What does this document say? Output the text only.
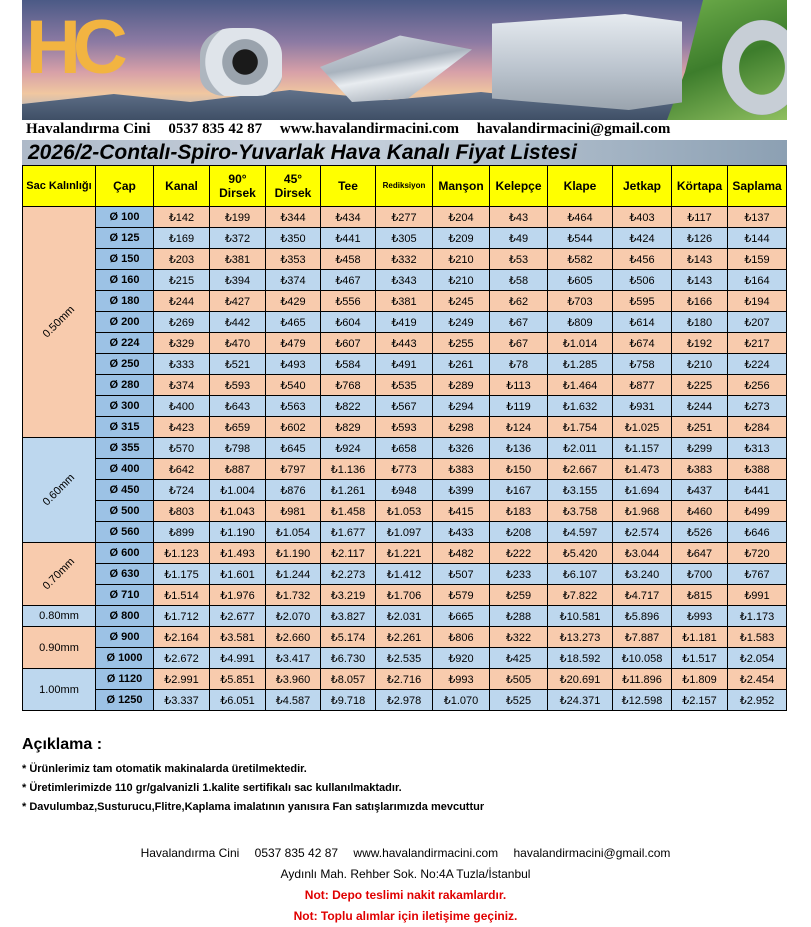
HC
Havalandırma Cini 0537 835 42 87 www.havalandirmacini.com havalandirmacini@gmail.com
2026/2-Contalı-Spiro-Yuvarlak Hava Kanalı Fiyat Listesi
Sac Kalınlığı	Çap	Kanal	90° Dirsek	45° Dirsek	Tee	Rediksiyon	Manşon	Kelepçe	Klape	Jetkap	Körtapa	Saplama
0.50mm	Ø 100	₺142	₺199	₺344	₺434	₺277	₺204	₺43	₺464	₺403	₺117	₺137
	Ø 125	₺169	₺372	₺350	₺441	₺305	₺209	₺49	₺544	₺424	₺126	₺144
	Ø 150	₺203	₺381	₺353	₺458	₺332	₺210	₺53	₺582	₺456	₺143	₺159
	Ø 160	₺215	₺394	₺374	₺467	₺343	₺210	₺58	₺605	₺506	₺143	₺164
	Ø 180	₺244	₺427	₺429	₺556	₺381	₺245	₺62	₺703	₺595	₺166	₺194
	Ø 200	₺269	₺442	₺465	₺604	₺419	₺249	₺67	₺809	₺614	₺180	₺207
	Ø 224	₺329	₺470	₺479	₺607	₺443	₺255	₺67	₺1.014	₺674	₺192	₺217
	Ø 250	₺333	₺521	₺493	₺584	₺491	₺261	₺78	₺1.285	₺758	₺210	₺224
	Ø 280	₺374	₺593	₺540	₺768	₺535	₺289	₺113	₺1.464	₺877	₺225	₺256
	Ø 300	₺400	₺643	₺563	₺822	₺567	₺294	₺119	₺1.632	₺931	₺244	₺273
	Ø 315	₺423	₺659	₺602	₺829	₺593	₺298	₺124	₺1.754	₺1.025	₺251	₺284
0.60mm	Ø 355	₺570	₺798	₺645	₺924	₺658	₺326	₺136	₺2.011	₺1.157	₺299	₺313
	Ø 400	₺642	₺887	₺797	₺1.136	₺773	₺383	₺150	₺2.667	₺1.473	₺383	₺388
	Ø 450	₺724	₺1.004	₺876	₺1.261	₺948	₺399	₺167	₺3.155	₺1.694	₺437	₺441
	Ø 500	₺803	₺1.043	₺981	₺1.458	₺1.053	₺415	₺183	₺3.758	₺1.968	₺460	₺499
	Ø 560	₺899	₺1.190	₺1.054	₺1.677	₺1.097	₺433	₺208	₺4.597	₺2.574	₺526	₺646
0.70mm	Ø 600	₺1.123	₺1.493	₺1.190	₺2.117	₺1.221	₺482	₺222	₺5.420	₺3.044	₺647	₺720
	Ø 630	₺1.175	₺1.601	₺1.244	₺2.273	₺1.412	₺507	₺233	₺6.107	₺3.240	₺700	₺767
	Ø 710	₺1.514	₺1.976	₺1.732	₺3.219	₺1.706	₺579	₺259	₺7.822	₺4.717	₺815	₺991
0.80mm	Ø 800	₺1.712	₺2.677	₺2.070	₺3.827	₺2.031	₺665	₺288	₺10.581	₺5.896	₺993	₺1.173
0.90mm	Ø 900	₺2.164	₺3.581	₺2.660	₺5.174	₺2.261	₺806	₺322	₺13.273	₺7.887	₺1.181	₺1.583
	Ø 1000	₺2.672	₺4.991	₺3.417	₺6.730	₺2.535	₺920	₺425	₺18.592	₺10.058	₺1.517	₺2.054
1.00mm	Ø 1120	₺2.991	₺5.851	₺3.960	₺8.057	₺2.716	₺993	₺505	₺20.691	₺11.896	₺1.809	₺2.454
	Ø 1250	₺3.337	₺6.051	₺4.587	₺9.718	₺2.978	₺1.070	₺525	₺24.371	₺12.598	₺2.157	₺2.952
Açıklama :
* Ürünlerimiz tam otomatik makinalarda üretilmektedir.
* Üretimlerimizde 110 gr/galvanizli 1.kalite sertifikalı sac kullanılmaktadır.
* Davulumbaz,Susturucu,Flitre,Kaplama imalatının yanısıra Fan satışlarımızda mevcuttur
Havalandırma Cini 0537 835 42 87 www.havalandirmacini.com havalandirmacini@gmail.com
Aydınlı Mah. Rehber Sok. No:4A Tuzla/İstanbul
Not: Depo teslimi nakit rakamlardır.
Not: Toplu alımlar için iletişime geçiniz.
